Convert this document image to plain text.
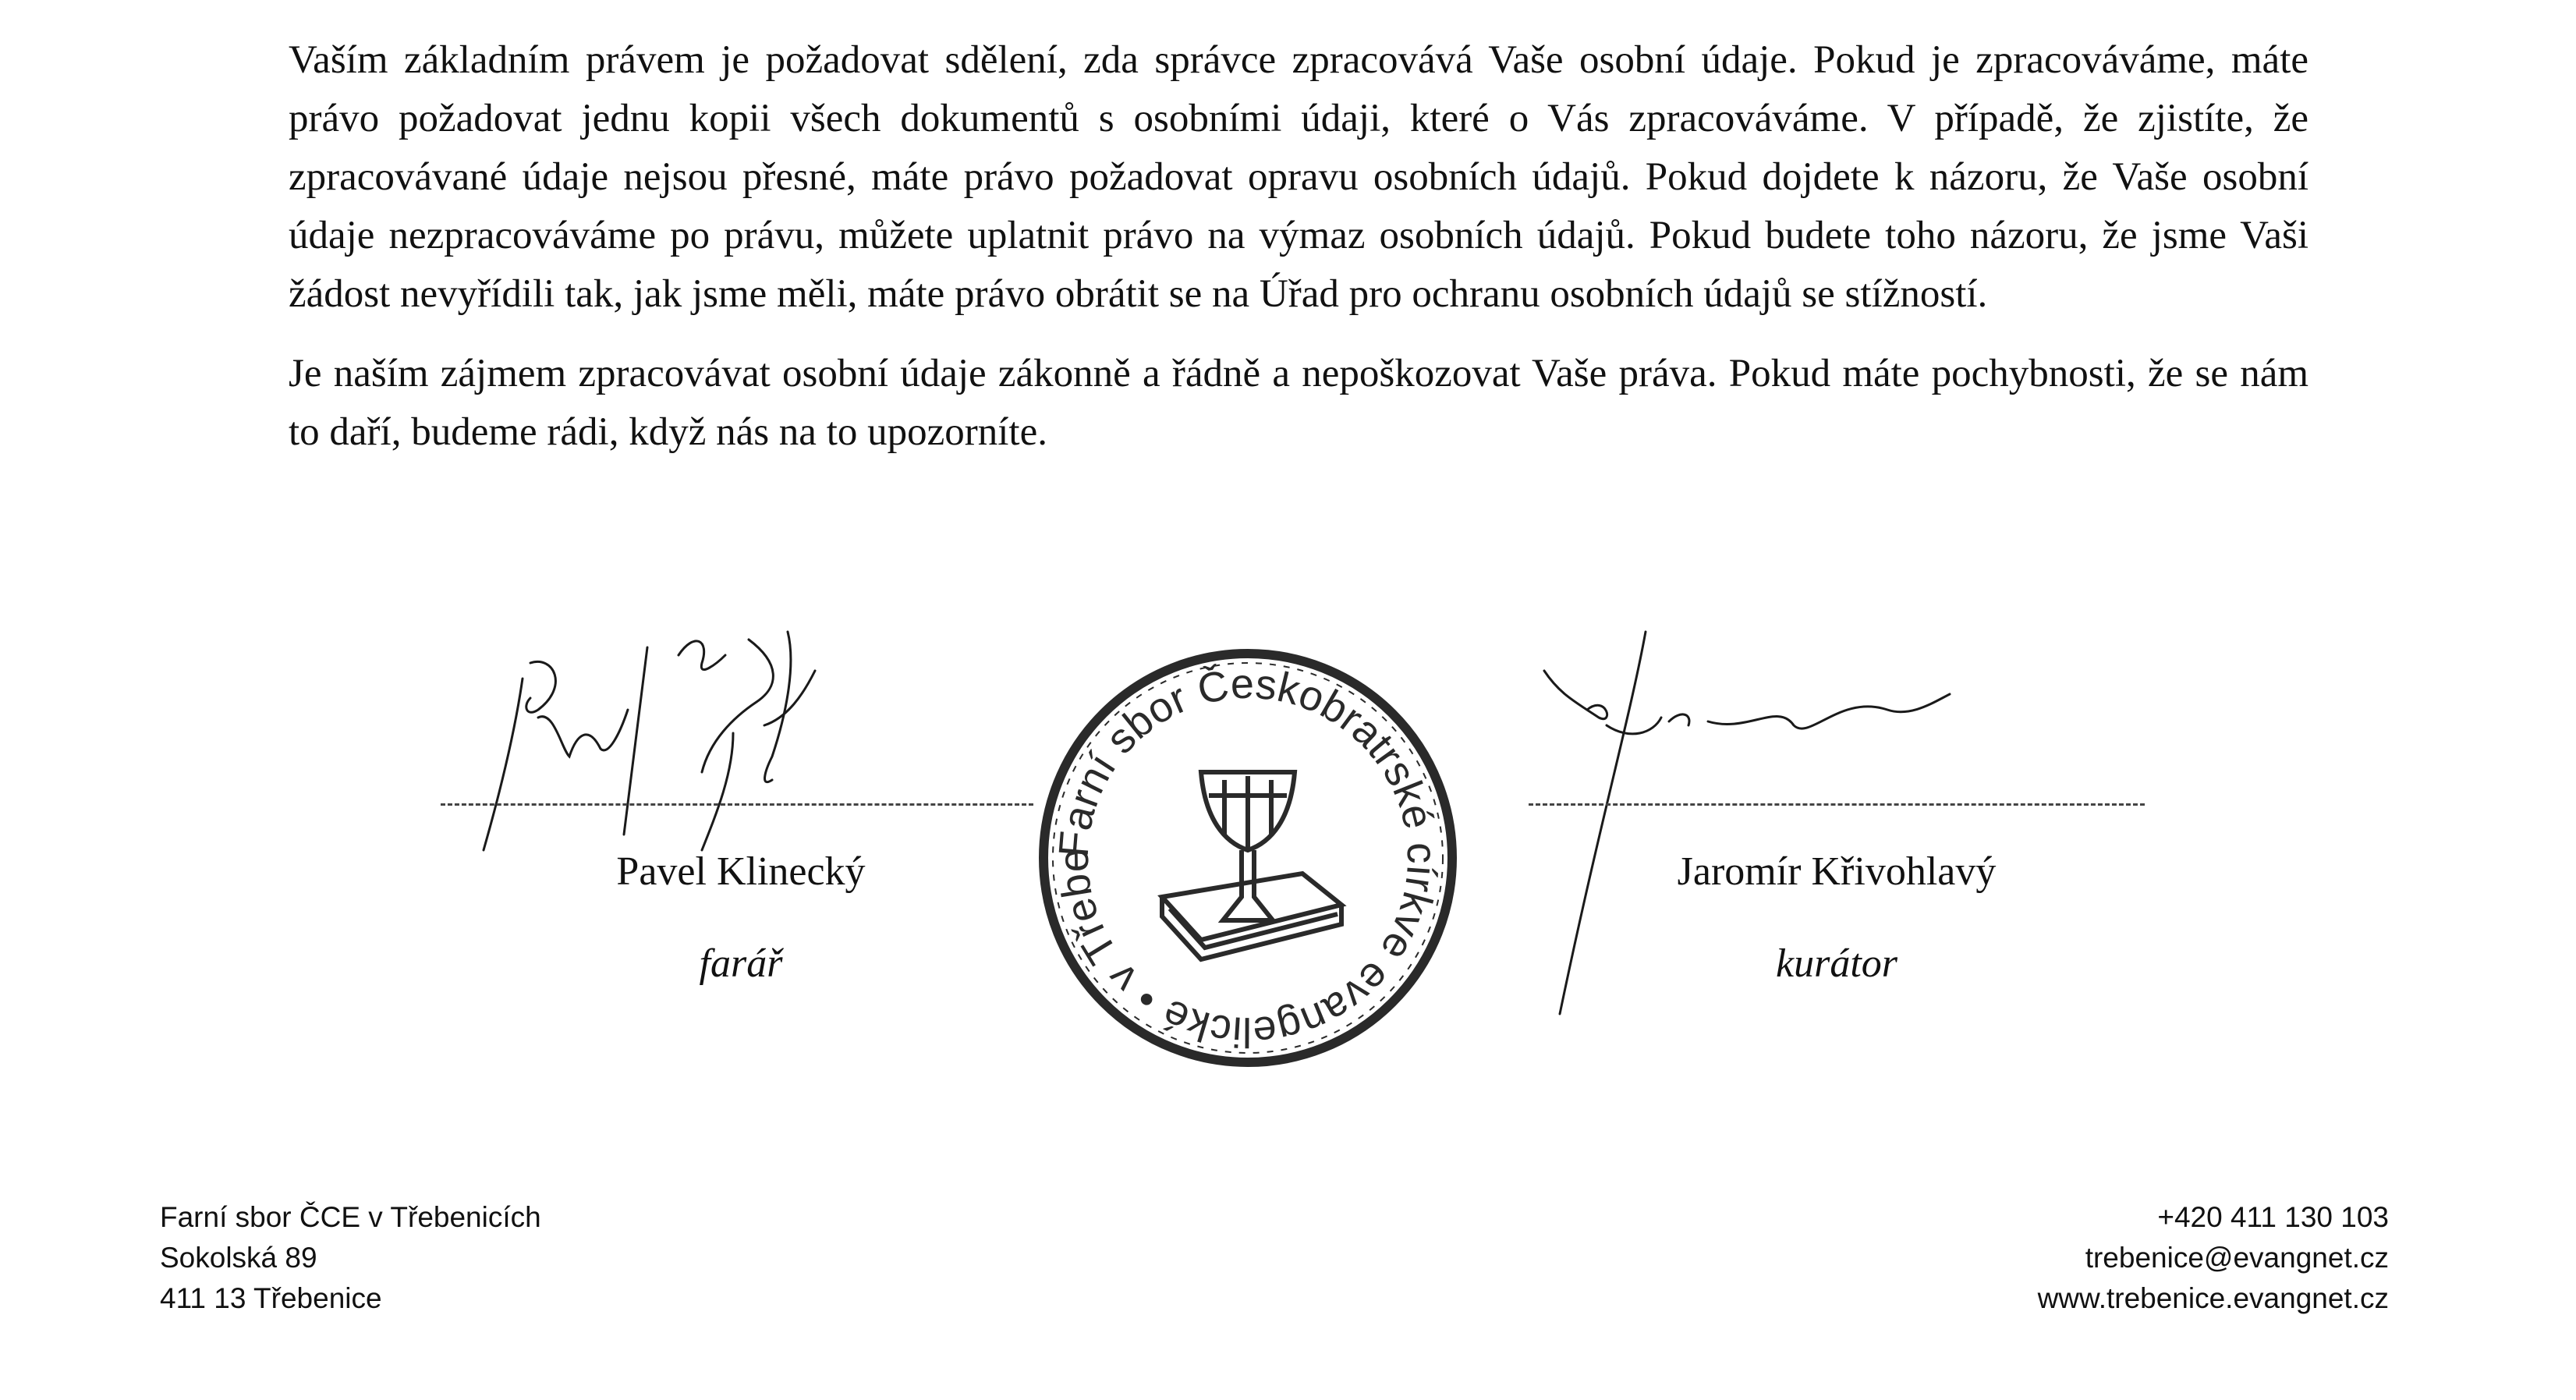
Vaším základním právem je požadovat sdělení, zda správce zpracovává Vaše osobní údaje. Pokud je zpracováváme, máte právo požadovat jednu kopii všech dokumentů s osobními údaji, které o Vás zpracováváme. V případě, že zjistíte, že zpracovávané údaje nejsou přesné, máte právo požadovat opravu osobních údajů. Pokud dojdete k názoru, že Vaše osobní údaje nezpracováváme po právu, můžete uplatnit právo na výmaz osobních údajů. Pokud budete toho názoru, že jsme Vaši žádost nevyřídili tak, jak jsme měli, máte právo obrátit se na Úřad pro ochranu osobních údajů se stížností.

Je naším zájmem zpracovávat osobní údaje zákonně a řádně a nepoškozovat Vaše práva. Pokud máte pochybnosti, že se nám to daří, budeme rádi, když nás na to upozorníte.

Pavel Klinecký
farář
Farní sbor Českobratrské církve evangelické • v Třebenicích
Jaromír Křivohlavý
kurátor
Farní sbor ČCE v Třebenicích
Sokolská 89
411 13 Třebenice
+420 411 130 103
trebenice@evangnet.cz
www.trebenice.evangnet.cz
